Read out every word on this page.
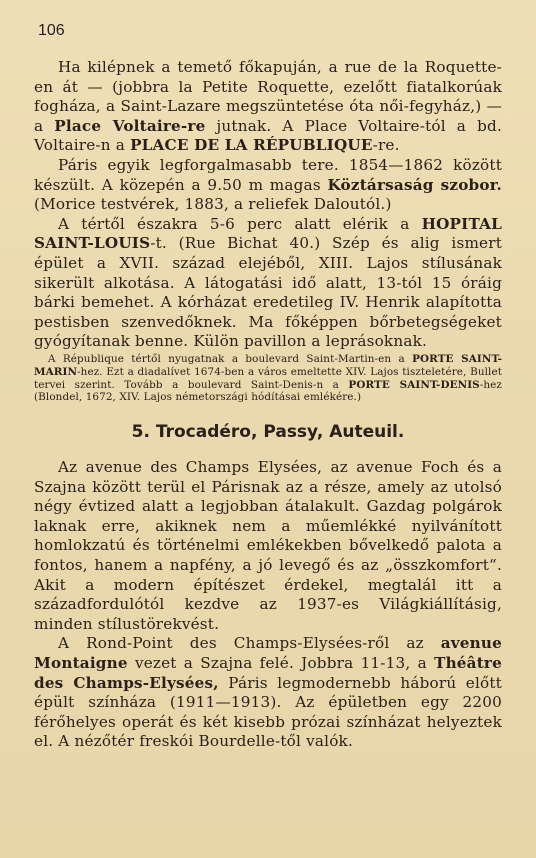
106

Ha kilépnek a temető főkapuján, a rue de la Roquette-en át — (jobbra la Petite Roquette, ezelőtt fiatalkorúak fogháza, a Saint-Lazare megszüntetése óta női-fegyház,) — a Place Voltaire-re jutnak. A Place Voltaire-tól a bd. Voltaire-n a PLACE DE LA RÉPUBLIQUE-re.

Páris egyik legforgalmasabb tere. 1854—1862 között készült. A közepén a 9.50 m magas Köztársaság szobor. (Morice testvérek, 1883, a reliefek Daloutól.)

A tértől északra 5-6 perc alatt elérik a HOPITAL SAINT-LOUIS-t. (Rue Bichat 40.) Szép és alig ismert épület a XVII. század elejéből, XIII. Lajos stílusának sikerült alkotása. A látogatási idő alatt, 13-tól 15 óráig bárki bemehet. A kórházat eredetileg IV. Henrik alapította pestisben szenvedőknek. Ma főképpen bőrbetegségeket gyógyítanak benne. Külön pavillon a leprásoknak.

A République tértől nyugatnak a boulevard Saint-Martin-en a PORTE SAINT-MARIN-hez. Ezt a diadalívet 1674-ben a város emeltette XIV. Lajos tiszteletére, Bullet tervei szerint. Tovább a boulevard Saint-Denis-n a PORTE SAINT-DENIS-hez (Blondel, 1672, XIV. Lajos németországi hódításai emlékére.)

5. Trocadéro, Passy, Auteuil.

Az avenue des Champs Elysées, az avenue Foch és a Szajna között terül el Párisnak az a része, amely az utolsó négy évtized alatt a legjobban átalakult. Gazdag polgárok laknak erre, akiknek nem a műemlékké nyilvánított homlokzatú és történelmi emlékekben bővelkedő palota a fontos, hanem a napfény, a jó levegő és az „összkomfort“. Akit a modern építészet érdekel, megtalál itt a századfordulótól kezdve az 1937-es Világkiállításig, minden stílustörekvést.

A Rond-Point des Champs-Elysées-ről az avenue Montaigne vezet a Szajna felé. Jobbra 11-13, a Théâtre des Champs-Elysées, Páris legmodernebb háború előtt épült színháza (1911—1913). Az épületben egy 2200 férőhelyes operát és két kisebb prózai színházat helyeztek el. A nézőtér freskói Bourdelle-től valók.
